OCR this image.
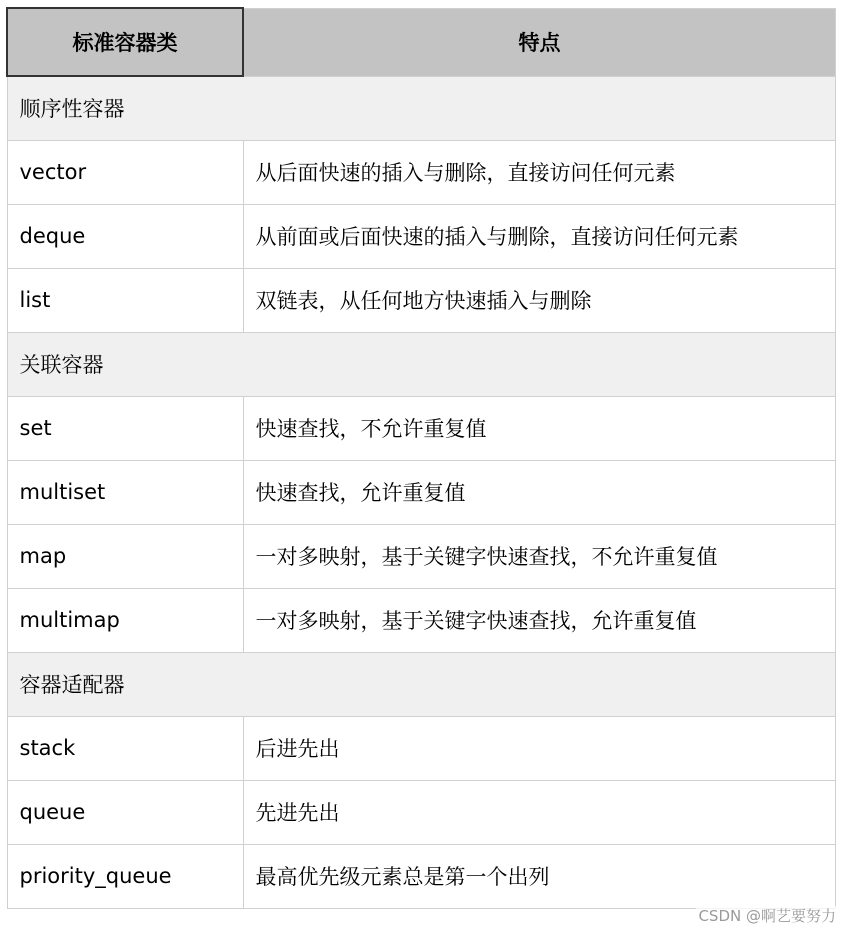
标准容器类	特点
顺序性容器	
vector	从后面快速的插入与删除，直接访问任何元素
deque	从前面或后面快速的插入与删除，直接访问任何元素
list	双链表，从任何地方快速插入与删除
关联容器	
set	快速查找，不允许重复值
multiset	快速查找，允许重复值
map	一对多映射，基于关键字快速查找，不允许重复值
multimap	一对多映射，基于关键字快速查找，允许重复值
容器适配器	
stack	后进先出
queue	先进先出
priority_queue	最高优先级元素总是第一个出列
CSDN @啊艺要努力
